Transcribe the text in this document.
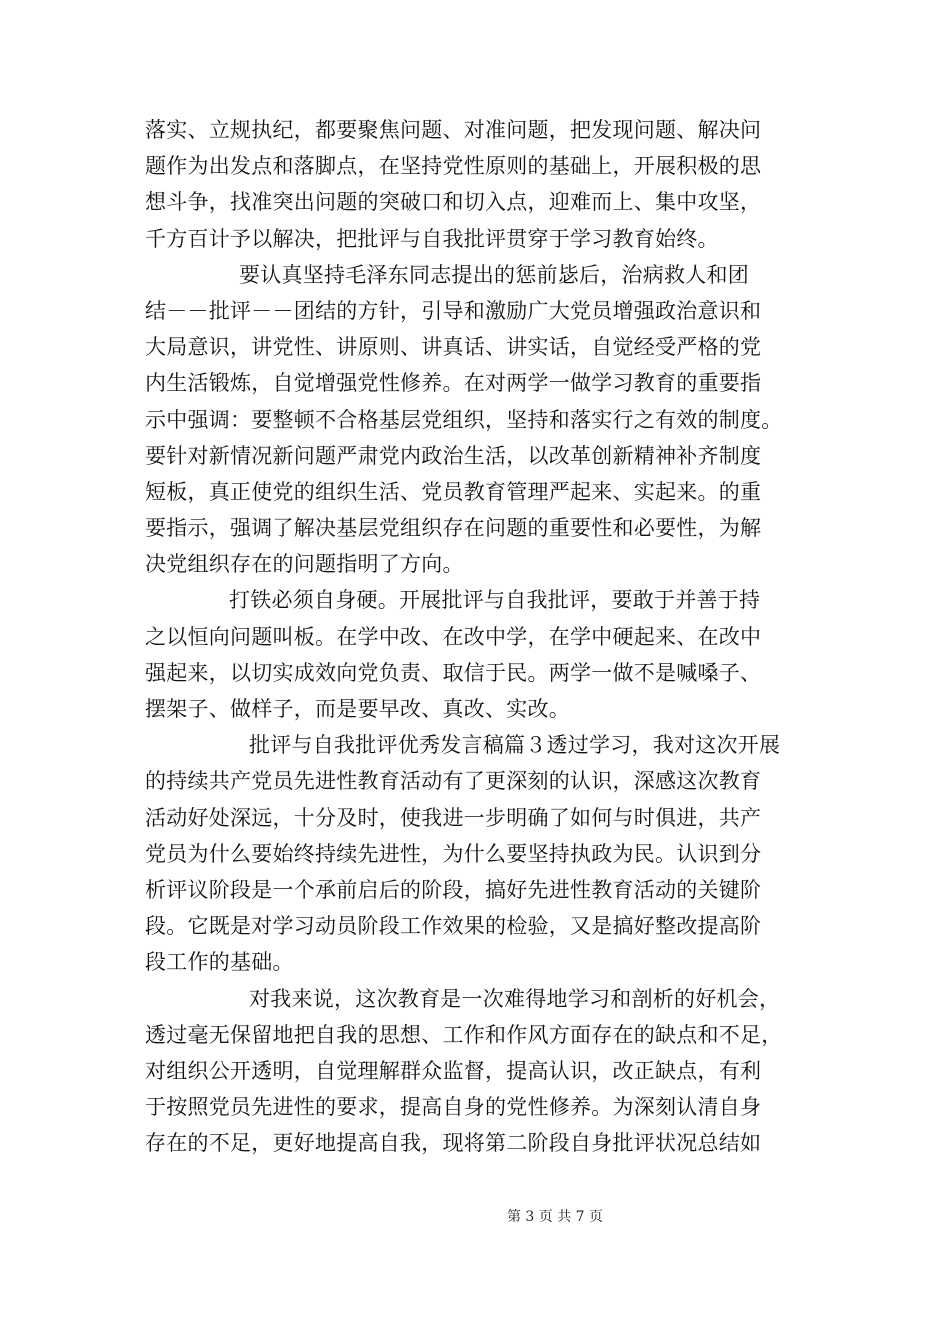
落实、立规执纪，都要聚焦问题、对准问题，把发现问题、解决问
题作为出发点和落脚点，在坚持党性原则的基础上，开展积极的思
想斗争，找准突出问题的突破口和切入点，迎难而上、集中攻坚，
千方百计予以解决，把批评与自我批评贯穿于学习教育始终。
要认真坚持毛泽东同志提出的惩前毖后，治病救人和团
结－－批评－－团结的方针，引导和激励广大党员增强政治意识和
大局意识，讲党性、讲原则、讲真话、讲实话，自觉经受严格的党
内生活锻炼，自觉增强党性修养。在对两学一做学习教育的重要指
示中强调：要整顿不合格基层党组织，坚持和落实行之有效的制度。
要针对新情况新问题严肃党内政治生活，以改革创新精神补齐制度
短板，真正使党的组织生活、党员教育管理严起来、实起来。的重
要指示，强调了解决基层党组织存在问题的重要性和必要性，为解
决党组织存在的问题指明了方向。
打铁必须自身硬。开展批评与自我批评，要敢于并善于持
之以恒向问题叫板。在学中改、在改中学，在学中硬起来、在改中
强起来，以切实成效向党负责、取信于民。两学一做不是喊嗓子、
摆架子、做样子，而是要早改、真改、实改。
批评与自我批评优秀发言稿篇３透过学习，我对这次开展
的持续共产党员先进性教育活动有了更深刻的认识，深感这次教育
活动好处深远，十分及时，使我进一步明确了如何与时俱进，共产
党员为什么要始终持续先进性，为什么要坚持执政为民。认识到分
析评议阶段是一个承前启后的阶段，搞好先进性教育活动的关键阶
段。它既是对学习动员阶段工作效果的检验，又是搞好整改提高阶
段工作的基础。
对我来说，这次教育是一次难得地学习和剖析的好机会，
透过毫无保留地把自我的思想、工作和作风方面存在的缺点和不足，
对组织公开透明，自觉理解群众监督，提高认识，改正缺点，有利
于按照党员先进性的要求，提高自身的党性修养。为深刻认清自身
存在的不足，更好地提高自我，现将第二阶段自身批评状况总结如
第 3 页 共 7 页
